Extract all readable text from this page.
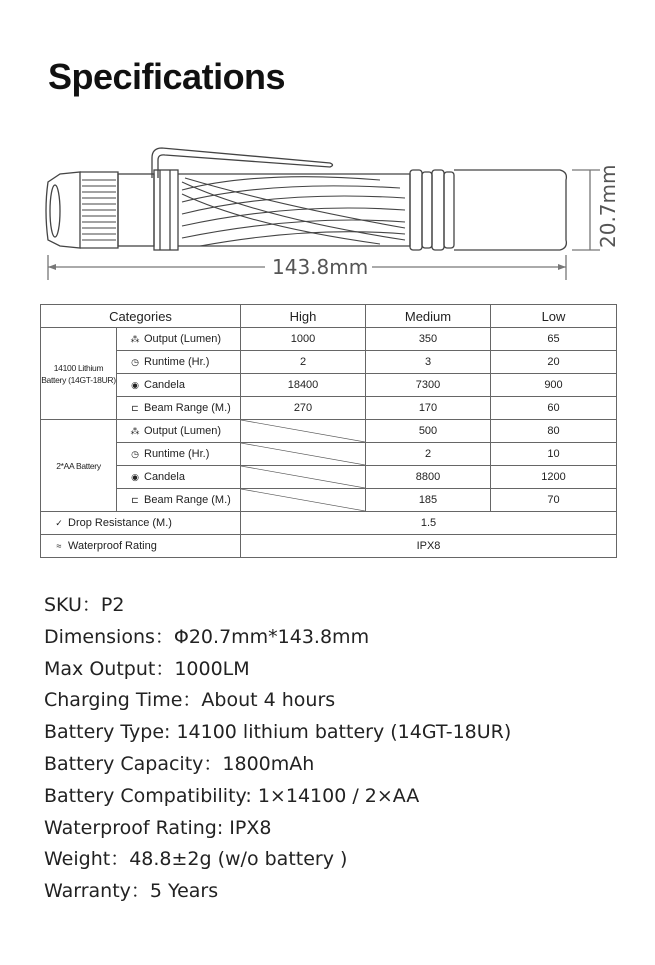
Specifications
143.8mm
20.7mm
Categories		High	Medium	Low
14100 Lithium Battery (14GT-18UR)	⁂ Output (Lumen)	1000	350	65
	◷ Runtime (Hr.)	2	3	20
	◉ Candela	18400	7300	900
	⊏ Beam Range (M.)	270	170	60
2*AA Battery	⁂ Output (Lumen)		500	80
	◷ Runtime (Hr.)		2	10
	◉ Candela		8800	1200
	⊏ Beam Range (M.)		185	70
✓ Drop Resistance (M.)		1.5		
≈ Waterproof Rating		IPX8		
SKU：P2
Dimensions：Φ20.7mm*143.8mm
Max Output：1000LM
Charging Time：About 4 hours
Battery Type: 14100 lithium battery (14GT-18UR)
Battery Capacity：1800mAh
Battery Compatibility: 1×14100 / 2×AA
Waterproof Rating: IPX8
Weight：48.8±2g (w/o battery )
Warranty：5 Years
